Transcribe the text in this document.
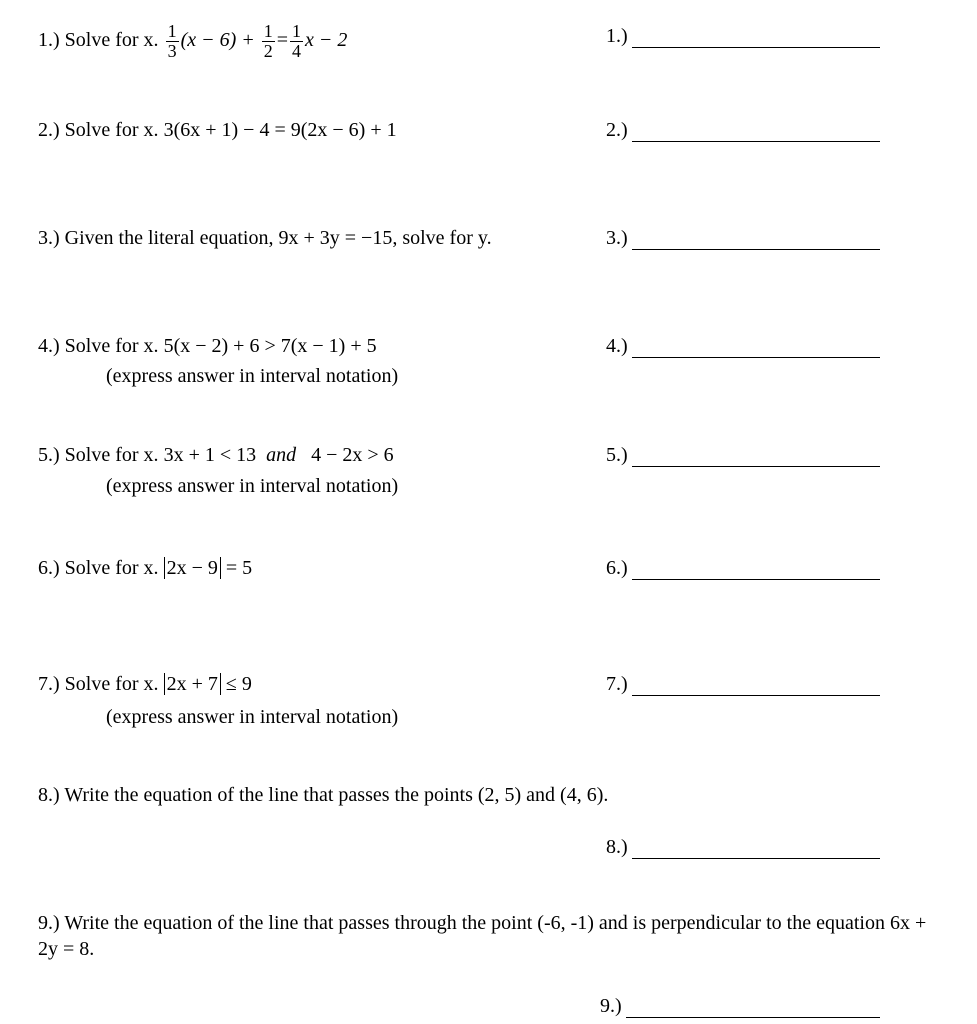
1.) Solve for x. $\frac{1}{3} (x - 6) + \frac{1}{2} = \frac{1}{4}$ x − 2	1.)
2.) Solve for x. 3(6x + 1) − 4 = 9(2x − 6) + 1	2.)
3.) Given the literal equation, 9x + 3y = −15, solve for y.	3.)
4.) Solve for x. 5(x − 2) + 6 > 7(x − 1) + 5
(express answer in interval notation)
4.)
5.) Solve for x. 3x + 1 < 13 and 4 − 2x > 6
(express answer in interval notation)
5.)
6.) Solve for x. 2x − 9 = 5	6.)
7.) Solve for x. 2x + 7 ≤ 9
(express answer in interval notation)
7.)
8.) Write the equation of the line that passes the points (2, 5) and (4, 6).
8.)
9.) Write the equation of the line that passes through the point (-6, -1) and is perpendicular to the equation 6x + 2y = 8.
9.)
